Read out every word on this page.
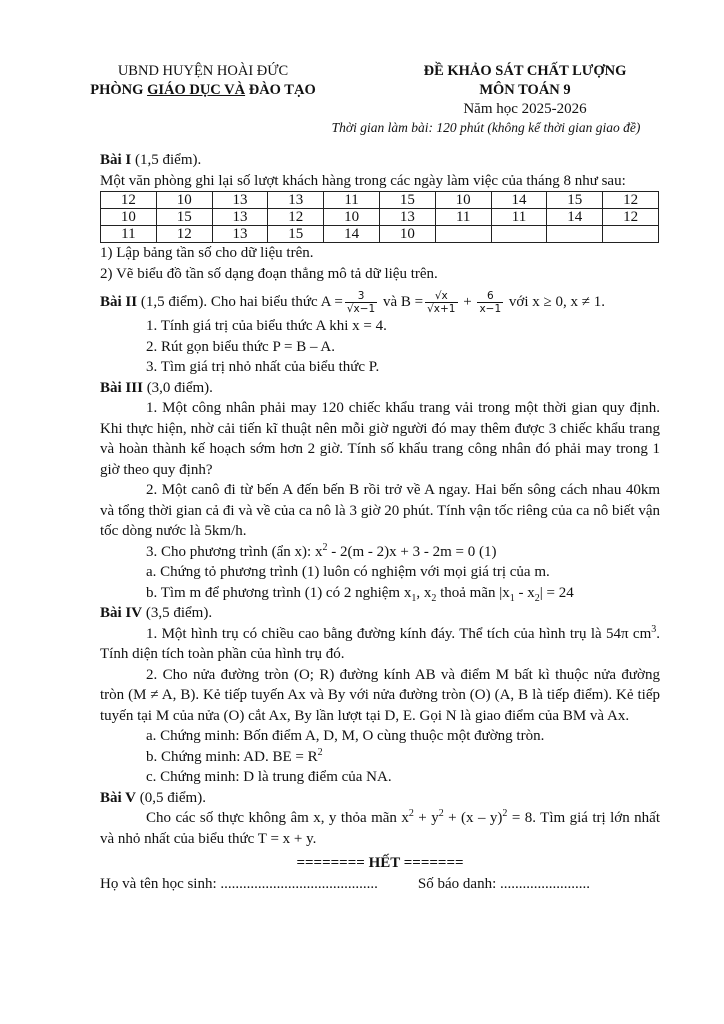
UBND HUYỆN HOÀI ĐỨC
PHÒNG GIÁO DỤC VÀ ĐÀO TẠO
ĐỀ KHẢO SÁT CHẤT LƯỢNG
MÔN TOÁN 9
Năm học 2025-2026
Thời gian làm bài: 120 phút (không kể thời gian giao đề)

Bài I (1,5 điểm).

Một văn phòng ghi lại số lượt khách hàng trong các ngày làm việc của tháng 8 như sau:

12	10	13	13	11	15	10	14	15	12
10	15	13	12	10	13	11	11	14	12
11	12	13	15	14	10				

1) Lập bảng tần số cho dữ liệu trên.

2) Vẽ biểu đồ tần số dạng đoạn thẳng mô tả dữ liệu trên.

Bài II (1,5 điểm). Cho hai biểu thức $A = \frac{3}{√x-1}$ và $B = \frac{√x}{√x+1} + \frac{6}{x-1}$ với x ≥ 0, x ≠ 1.

1. Tính giá trị của biểu thức A khi x = 4.

2. Rút gọn biểu thức P = B – A.

3. Tìm giá trị nhỏ nhất của biểu thức P.

Bài III (3,0 điểm).

1. Một công nhân phải may 120 chiếc khẩu trang vải trong một thời gian quy định. Khi thực hiện, nhờ cải tiến kĩ thuật nên mỗi giờ người đó may thêm được 3 chiếc khẩu trang và hoàn thành kế hoạch sớm hơn 2 giờ. Tính số khẩu trang công nhân đó phải may trong 1 giờ theo quy định?

2. Một canô đi từ bến A đến bến B rồi trở về A ngay. Hai bến sông cách nhau 40km và tổng thời gian cả đi và về của ca nô là 3 giờ 20 phút. Tính vận tốc riêng của ca nô biết vận tốc dòng nước là 5km/h.

3. Cho phương trình (ẩn x): $x^2 - 2(m - 2)x + 3 - 2m = 0$ (1)

a. Chứng tỏ phương trình (1) luôn có nghiệm với mọi giá trị của m.

b. Tìm m để phương trình (1) có 2 nghiệm $x_1$, $x_2$ thoả mãn $|x_1 - x_2| = 24$

Bài IV (3,5 điểm).

1. Một hình trụ có chiều cao bằng đường kính đáy. Thể tích của hình trụ là 54π $cm^3$. Tính diện tích toàn phần của hình trụ đó.

2. Cho nửa đường tròn (O; R) đường kính AB và điểm M bất kì thuộc nửa đường tròn (M ≠ A, B). Kẻ tiếp tuyến Ax và By với nửa đường tròn (O) (A, B là tiếp điểm). Kẻ tiếp tuyến tại M của nửa (O) cắt Ax, By lần lượt tại D, E. Gọi N là giao điểm của BM và Ax.

a. Chứng minh: Bốn điểm A, D, M, O cùng thuộc một đường tròn.

b. Chứng minh: AD. BE = $R^2$

c. Chứng minh: D là trung điểm của NA.

Bài V (0,5 điểm).

Cho các số thực không âm x, y thỏa mãn $x^2 + y^2 + (x - y)^2 = 8$. Tìm giá trị lớn nhất và nhỏ nhất của biểu thức T = x + y.

======== HẾT =======

Họ và tên học sinh: ..........................................	Số báo danh: ........................
